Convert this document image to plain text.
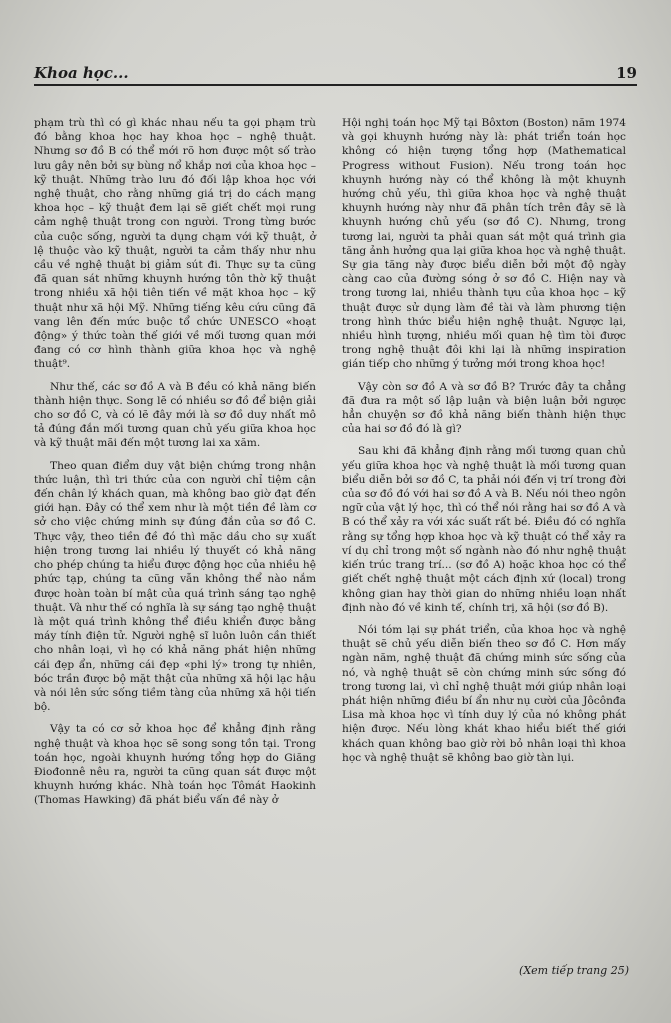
Khoa học...	19

phạm trù thì có gì khác nhau nếu ta gọi phạm trù đó bằng khoa học hay khoa học – nghệ thuật. Nhưng sơ đồ B có thể mới rõ hơn được một số trào lưu gây nên bởi sự bùng nổ khắp nơi của khoa học – kỹ thuật. Những trào lưu đó đối lập khoa học với nghệ thuật, cho rằng những giá trị do cách mạng khoa học – kỹ thuật đem lại sẽ giết chết mọi rung cảm nghệ thuật trong con người. Trong từng bước của cuộc sống, người ta dụng chạm với kỹ thuật, ở lệ thuộc vào kỹ thuật, người ta cảm thấy như nhu cầu về nghệ thuật bị giảm sút đi. Thực sự ta cũng đã quan sát những khuynh hướng tôn thờ kỹ thuật trong nhiều xã hội tiên tiến về mặt khoa học – kỹ thuật như xã hội Mỹ. Những tiếng kêu cứu cũng đã vang lên đến mức buộc tổ chức UNESCO «hoạt động» ý thức toàn thế giới về mối tương quan mới đang có cơ hình thành giữa khoa học và nghệ thuật⁹.

Như thế, các sơ đồ A và B đều có khả năng biến thành hiện thực. Song lẽ có nhiều sơ đồ để biện giải cho sơ đồ C, và có lẽ đây mới là sơ đồ duy nhất mô tả đúng đắn mối tương quan chủ yếu giữa khoa học và kỹ thuật mãi đến một tương lai xa xăm.

Theo quan điểm duy vật biện chứng trong nhận thức luận, thì tri thức của con người chỉ tiệm cận đến chân lý khách quan, mà không bao giờ đạt đến giới hạn. Đây có thể xem như là một tiền đề làm cơ sở cho việc chứng minh sự đúng đắn của sơ đồ C. Thực vậy, theo tiền đề đó thì mặc dầu cho sự xuất hiện trong tương lai nhiều lý thuyết có khả năng cho phép chúng ta hiểu được động học của nhiều hệ phức tạp, chúng ta cũng vẫn không thể nào nắm được hoàn toàn bí mật của quá trình sáng tạo nghệ thuật. Và như thế có nghĩa là sự sáng tạo nghệ thuật là một quá trình không thể điều khiển được bằng máy tính điện tử. Người nghệ sĩ luôn luôn cần thiết cho nhân loại, vì họ có khả năng phát hiện những cái đẹp ẩn, những cái đẹp «phi lý» trong tự nhiên, bóc trần được bộ mặt thật của những xã hội lạc hậu và nói lên sức sống tiềm tàng của những xã hội tiến bộ.

Vậy ta có cơ sở khoa học để khẳng định rằng nghệ thuật và khoa học sẽ song song tồn tại. Trong toán học, ngoài khuynh hướng tổng hợp do Giăng Điođonnê nêu ra, người ta cũng quan sát được một khuynh hướng khác. Nhà toán học Tômát Haokinh (Thomas Hawking) đã phát biểu vấn đề này ở

Hội nghị toán học Mỹ tại Bôxtơn (Boston) năm 1974 và gọi khuynh hướng này là: phát triển toán học không có hiện tượng tổng hợp (Mathematical Progress without Fusion). Nếu trong toán học khuynh hướng này có thể không là một khuynh hướng chủ yếu, thì giữa khoa học và nghệ thuật khuynh hướng này như đã phân tích trên đây sẽ là khuynh hướng chủ yếu (sơ đồ C). Nhưng, trong tương lai, người ta phải quan sát một quá trình gia tăng ảnh hưởng qua lại giữa khoa học và nghệ thuật. Sự gia tăng này được biểu diễn bởi một độ ngày càng cao của đường sóng ở sơ đồ C. Hiện nay và trong tương lai, nhiều thành tựu của khoa học – kỹ thuật được sử dụng làm đề tài và làm phương tiện trong hình thức biểu hiện nghệ thuật. Ngược lại, nhiều hình tượng, nhiều mối quan hệ tìm tòi được trong nghệ thuật đôi khi lại là những inspiration gián tiếp cho những ý tưởng mới trong khoa học!

Vậy còn sơ đồ A và sơ đồ B? Trước đây ta chẳng đã đưa ra một số lập luận và biện luận bởi ngược hẳn chuyện sơ đồ khả năng biến thành hiện thực của hai sơ đồ đó là gì?

Sau khi đã khẳng định rằng mối tương quan chủ yếu giữa khoa học và nghệ thuật là mối tương quan biểu diễn bởi sơ đồ C, ta phải nói đến vị trí trong đời của sơ đồ đó với hai sơ đồ A và B. Nếu nói theo ngôn ngữ của vật lý học, thì có thể nói rằng hai sơ đồ A và B có thể xảy ra với xác suất rất bé. Điều đó có nghĩa rằng sự tổng hợp khoa học và kỹ thuật có thể xảy ra ví dụ chỉ trong một số ngành nào đó như nghệ thuật kiến trúc trang trí... (sơ đồ A) hoặc khoa học có thể giết chết nghệ thuật một cách định xứ (local) trong không gian hay thời gian do những nhiều loạn nhất định nào đó về kinh tế, chính trị, xã hội (sơ đồ B).

Nói tóm lại sự phát triển, của khoa học và nghệ thuật sẽ chủ yếu diễn biến theo sơ đồ C. Hơn mấy ngàn năm, nghệ thuật đã chứng minh sức sống của nó, và nghệ thuật sẽ còn chứng minh sức sống đó trong tương lai, vì chỉ nghệ thuật mới giúp nhân loại phát hiện những điều bí ẩn như nụ cười của Jôcônđa Lisa mà khoa học vì tính duy lý của nó không phát hiện được. Nếu lòng khát khao hiểu biết thế giới khách quan không bao giờ rời bỏ nhân loại thì khoa học và nghệ thuật sẽ không bao giờ tàn lụi.

(Xem tiếp trang 25)
